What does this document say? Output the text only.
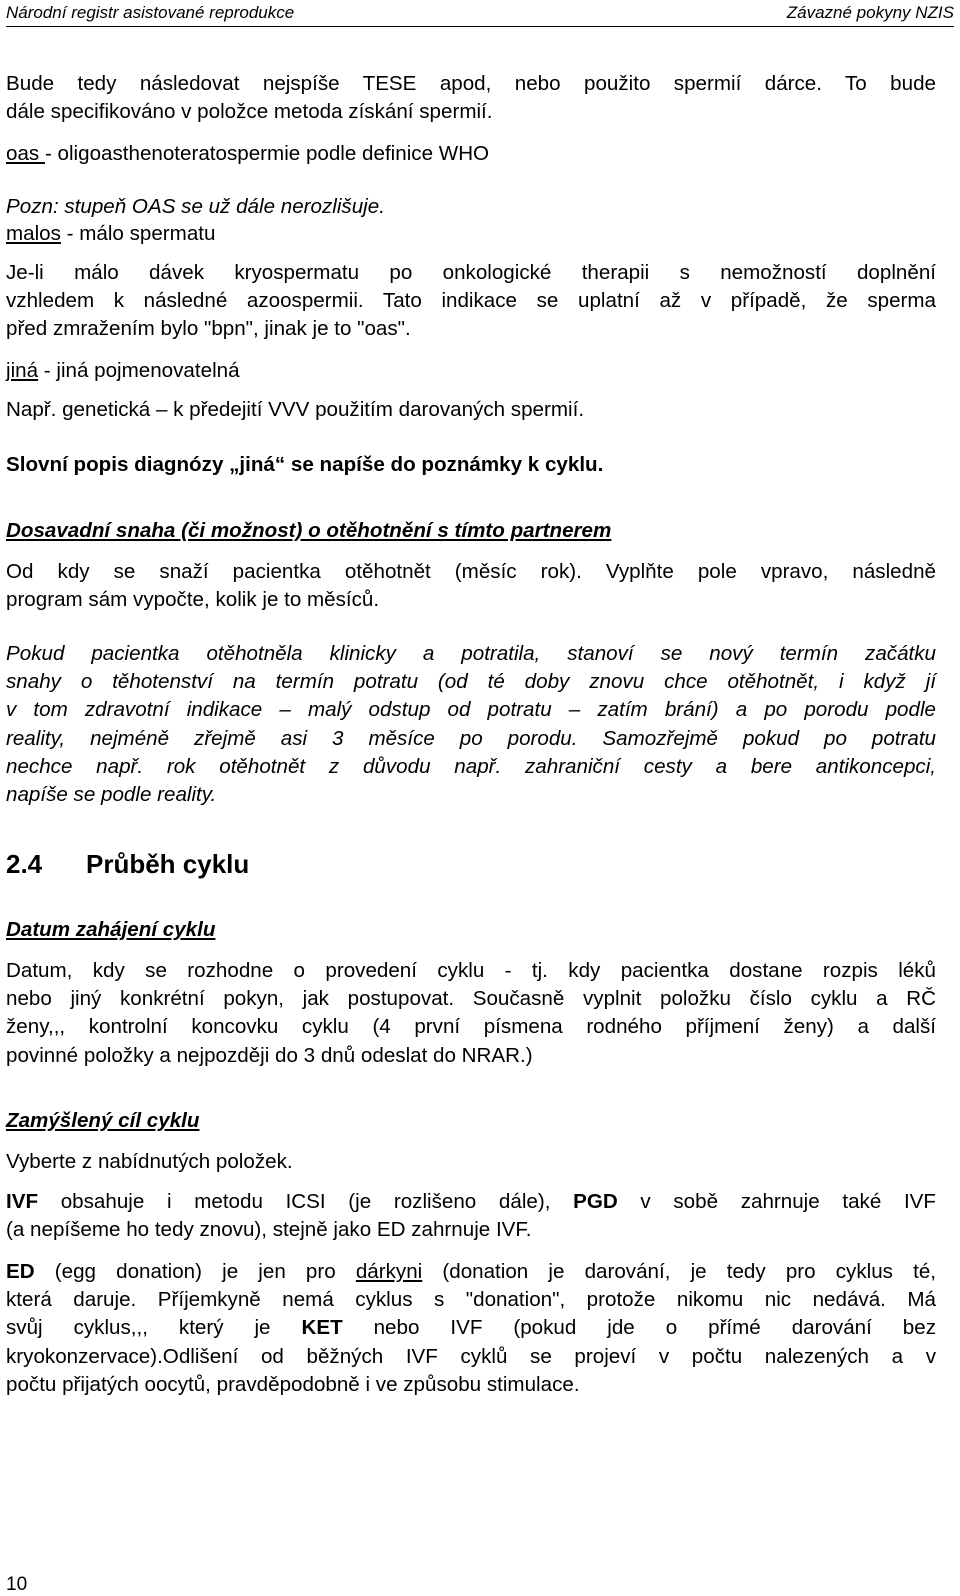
Národní registr asistované reprodukce	Závazné pokyny NZIS

Bude tedy následovat nejspíše TESE apod, nebo použito spermií dárce. To bude
dále specifikováno v položce metoda získání spermií.

oas - oligoasthenoteratospermie podle definice WHO

Pozn: stupeň OAS se už dále nerozlišuje.

malos - málo spermatu

Je-li málo dávek kryospermatu po onkologické therapii s nemožností doplnění
vzhledem k následné azoospermii. Tato indikace se uplatní až v případě, že sperma
před zmražením bylo "bpn", jinak je to "oas".

jiná - jiná pojmenovatelná

Např. genetická – k předejití VVV použitím darovaných spermií.

Slovní popis diagnózy „jiná“ se napíše do poznámky k cyklu.

Dosavadní snaha (či možnost) o otěhotnění s tímto partnerem

Od kdy se snaží pacientka otěhotnět (měsíc rok). Vyplňte pole vpravo, následně
program sám vypočte, kolik je to měsíců.

Pokud pacientka otěhotněla klinicky a potratila, stanoví se nový termín začátku
snahy o těhotenství na termín potratu (od té doby znovu chce otěhotnět, i když jí
v tom zdravotní indikace – malý odstup od potratu – zatím brání) a po porodu podle
reality, nejméně zřejmě asi 3 měsíce po porodu. Samozřejmě pokud po potratu
nechce např. rok otěhotnět z důvodu např. zahraniční cesty a bere antikoncepci,
napíše se podle reality.

2.4 Průběh cyklu

Datum zahájení cyklu

Datum, kdy se rozhodne o provedení cyklu - tj. kdy pacientka dostane rozpis léků
nebo jiný konkrétní pokyn, jak postupovat. Současně vyplnit položku číslo cyklu a RČ
ženy,,, kontrolní koncovku cyklu (4 první písmena rodného příjmení ženy) a další
povinné položky a nejpozději do 3 dnů odeslat do NRAR.)

Zamýšlený cíl cyklu

Vyberte z nabídnutých položek.

IVF obsahuje i metodu ICSI (je rozlišeno dále), PGD v sobě zahrnuje také IVF
(a nepíšeme ho tedy znovu), stejně jako ED zahrnuje IVF.

ED (egg donation) je jen pro dárkyni (donation je darování, je tedy pro cyklus té,
která daruje. Příjemkyně nemá cyklus s "donation", protože nikomu nic nedává. Má
svůj cyklus,,, který je KET nebo IVF (pokud jde o přímé darování bez
kryokonzervace).Odlišení od běžných IVF cyklů se projeví v počtu nalezených a v
počtu přijatých oocytů, pravděpodobně i ve způsobu stimulace.

10
